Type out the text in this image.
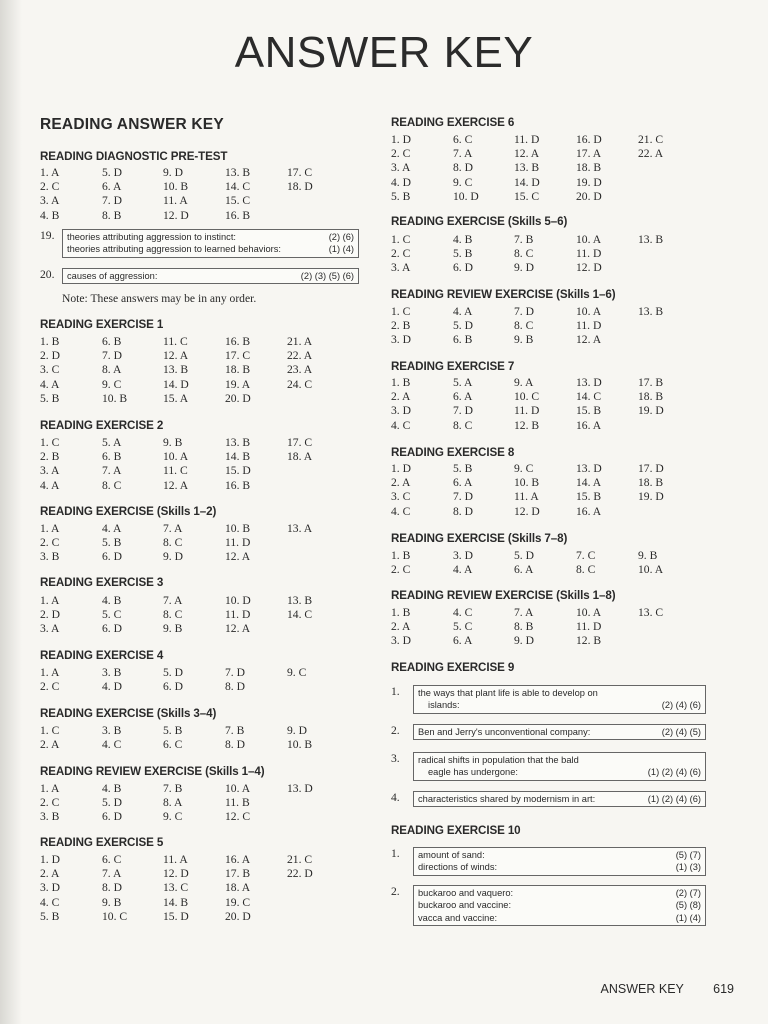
ANSWER KEY
READING ANSWER KEY
READING DIAGNOSTIC PRE-TEST
1. A	5. D	9. D	13. B	17. C
2. C	6. A	10. B	14. C	18. D
3. A	7. D	11. A	15. C
4. B	8. B	12. D	16. B
19.	theories attributing aggression to instinct:	(2) (6)
theories attributing aggression to learned behaviors:	(1) (4)
20.	causes of aggression:	(2) (3) (5) (6)
Note: These answers may be in any order.
READING EXERCISE 1
1. B	6. B	11. C	16. B	21. A
2. D	7. D	12. A	17. C	22. A
3. C	8. A	13. B	18. B	23. A
4. A	9. C	14. D	19. A	24. C
5. B	10. B	15. A	20. D
READING EXERCISE 2
1. C	5. A	9. B	13. B	17. C
2. B	6. B	10. A	14. B	18. A
3. A	7. A	11. C	15. D
4. A	8. C	12. A	16. B
READING EXERCISE (Skills 1–2)
1. A	4. A	7. A	10. B	13. A
2. C	5. B	8. C	11. D
3. B	6. D	9. D	12. A
READING EXERCISE 3
1. A	4. B	7. A	10. D	13. B
2. D	5. C	8. C	11. D	14. C
3. A	6. D	9. B	12. A
READING EXERCISE 4
1. A	3. B	5. D	7. D	9. C
2. C	4. D	6. D	8. D
READING EXERCISE (Skills 3–4)
1. C	3. B	5. B	7. B	9. D
2. A	4. C	6. C	8. D	10. B
READING REVIEW EXERCISE (Skills 1–4)
1. A	4. B	7. B	10. A	13. D
2. C	5. D	8. A	11. B
3. B	6. D	9. C	12. C
READING EXERCISE 5
1. D	6. C	11. A	16. A	21. C
2. A	7. A	12. D	17. B	22. D
3. D	8. D	13. C	18. A
4. C	9. B	14. B	19. C
5. B	10. C	15. D	20. D
READING EXERCISE 6
1. D	6. C	11. D	16. D	21. C
2. C	7. A	12. A	17. A	22. A
3. A	8. D	13. B	18. B
4. D	9. C	14. D	19. D
5. B	10. D	15. C	20. D
READING EXERCISE (Skills 5–6)
1. C	4. B	7. B	10. A	13. B
2. C	5. B	8. C	11. D
3. A	6. D	9. D	12. D
READING REVIEW EXERCISE (Skills 1–6)
1. C	4. A	7. D	10. A	13. B
2. B	5. D	8. C	11. D
3. D	6. B	9. B	12. A
READING EXERCISE 7
1. B	5. A	9. A	13. D	17. B
2. A	6. A	10. C	14. C	18. B
3. D	7. D	11. D	15. B	19. D
4. C	8. C	12. B	16. A
READING EXERCISE 8
1. D	5. B	9. C	13. D	17. D
2. A	6. A	10. B	14. A	18. B
3. C	7. D	11. A	15. B	19. D
4. C	8. D	12. D	16. A
READING EXERCISE (Skills 7–8)
1. B	3. D	5. D	7. C	9. B
2. C	4. A	6. A	8. C	10. A
READING REVIEW EXERCISE (Skills 1–8)
1. B	4. C	7. A	10. A	13. C
2. A	5. C	8. B	11. D
3. D	6. A	9. D	12. B
READING EXERCISE 9
1.	the ways that plant life is able to develop on
islands:	(2) (4) (6)
2.	Ben and Jerry's unconventional company:	(2) (4) (5)
3.	radical shifts in population that the bald
eagle has undergone:	(1) (2) (4) (6)
4.	characteristics shared by modernism in art:	(1) (2) (4) (6)
READING EXERCISE 10
1.	amount of sand:	(5) (7)
directions of winds:	(1) (3)
2.	buckaroo and vaquero:	(2) (7)
buckaroo and vaccine:	(5) (8)
vacca and vaccine:	(1) (4)
ANSWER KEY 619
